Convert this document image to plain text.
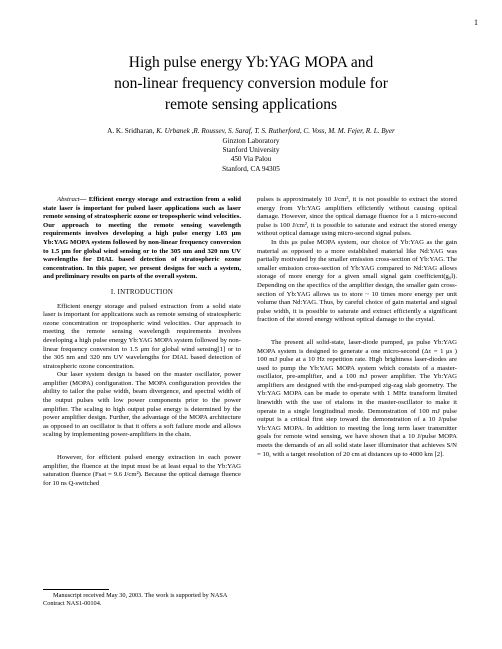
1
High pulse energy Yb:YAG MOPA and
non-linear frequency conversion module for
remote sensing applications
A. K. Sridharan, K. Urbanek ,R. Roussev, S. Saraf, T. S. Rutherford, C. Voss, M. M. Fejer, R. L. Byer
Ginzton Laboratory
Stanford University
450 Via Palou
Stanford, CA 94305

Abstract— Efficient energy storage and extraction from a solid state laser is important for pulsed laser applications such as laser remote sensing of stratospheric ozone or tropospheric wind velocities. Our approach to meeting the remote sensing wavelength requirements involves developing a high pulse energy 1.03 μm Yb:YAG MOPA system followed by non-linear frequency conversion to 1.5 μm for global wind sensing or to the 305 nm and 320 nm UV wavelengths for DIAL based detection of stratospheric ozone concentration. In this paper, we present designs for such a system, and preliminary results on parts of the overall system.

I. INTRODUCTION

Efficient energy storage and pulsed extraction from a solid state laser is important for applications such as remote sensing of stratospheric ozone concentration or tropospheric wind velocities. Our approach to meeting the remote sensing wavelength requirements involves developing a high pulse energy Yb:YAG MOPA system followed by non-linear frequency conversion to 1.5 μm for global wind sensing[1] or to the 305 nm and 320 nm UV wavelengths for DIAL based detection of stratospheric ozone concentration.

Our laser system design is based on the master oscillator, power amplifier (MOPA) configuration. The MOPA configuration provides the ability to tailor the pulse width, beam divergence, and spectral width of the output pulses with low power components prior to the power amplifier. The scaling to high output pulse energy is determined by the power amplifier design. Further, the advantage of the MOPA architecture as opposed to an oscillator is that it offers a soft failure mode and allows scaling by implementing power-amplifiers in the chain.

However, for efficient pulsed energy extraction in each power amplifier, the fluence at the input must be at least equal to the Yb:YAG saturation fluence (Fsat = 9.6 J/cm²). Because the optical damage fluence for 10 ns Q-switched

pulses is approximately 10 J/cm², it is not possible to extract the stored energy from Yb:YAG amplifiers efficiently without causing optical damage. However, since the optical damage fluence for a 1 micro-second pulse is 100 J/cm², it is possible to saturate and extract the stored energy without optical damage using micro-second signal pulses.

In this μs pulse MOPA system, our choice of Yb:YAG as the gain material as opposed to a more established material like Nd:YAG was partially motivated by the smaller emission cross-section of Yb:YAG. The smaller emission cross-section of Yb:YAG compared to Nd:YAG allows storage of more energy for a given small signal gain coefficient(g₀l). Depending on the specifics of the amplifier design, the smaller gain cross-section of Yb:YAG allows us to store ~ 10 times more energy per unit volume than Nd:YAG. Thus, by careful choice of gain material and signal pulse width, it is possible to saturate and extract efficiently a significant fraction of the stored energy without optical damage to the crystal.

The present all solid-state, laser-diode pumped, μs pulse Yb:YAG MOPA system is designed to generate a one micro-second (Δτ = 1 μs ) 100 mJ pulse at a 10 Hz repetition rate. High brightness laser-diodes are used to pump the Yb:YAG MOPA system which consists of a master-oscillator, pre-amplifier, and a 100 mJ power amplifier. The Yb:YAG amplifiers are designed with the end-pumped zig-zag slab geometry. The Yb:YAG MOPA can be made to operate with 1 MHz transform limited linewidth with the use of etalons in the master-oscillator to make it operate in a single longitudinal mode. Demonstration of 100 mJ pulse output is a critical first step toward the demonstration of a 10 J/pulse Yb:YAG MOPA. In addition to meeting the long term laser transmitter goals for remote wind sensing, we have shown that a 10 J/pulse MOPA meets the demands of an all solid state laser illuminator that achieves S/N = 10, with a target resolution of 20 cm at distances up to 4000 km [2].

Manuscript received May 30, 2003. The work is supported by NASA Contract NAS1-00104.
